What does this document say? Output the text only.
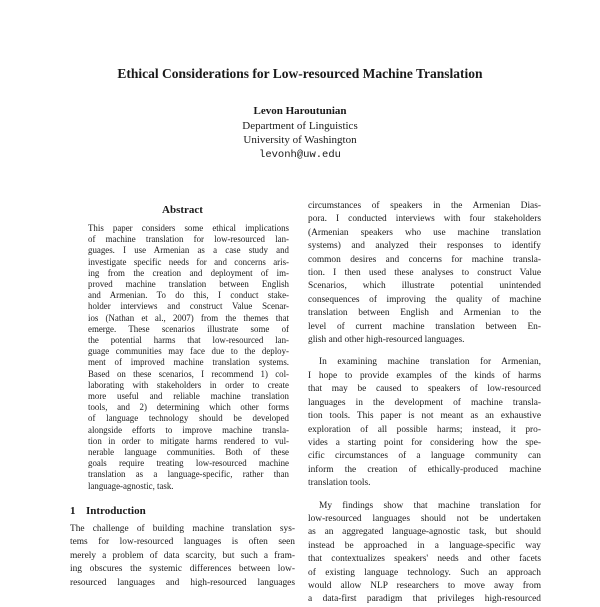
Ethical Considerations for Low-resourced Machine Translation
Levon Haroutunian
Department of Linguistics
University of Washington
levonh@uw.edu
Abstract
This paper considers some ethical implications
of machine translation for low-resourced lan-
guages. I use Armenian as a case study and
investigate specific needs for and concerns aris-
ing from the creation and deployment of im-
proved machine translation between English
and Armenian. To do this, I conduct stake-
holder interviews and construct Value Scenar-
ios (Nathan et al., 2007) from the themes that
emerge. These scenarios illustrate some of
the potential harms that low-resourced lan-
guage communities may face due to the deploy-
ment of improved machine translation systems.
Based on these scenarios, I recommend 1) col-
laborating with stakeholders in order to create
more useful and reliable machine translation
tools, and 2) determining which other forms
of language technology should be developed
alongside efforts to improve machine transla-
tion in order to mitigate harms rendered to vul-
nerable language communities. Both of these
goals require treating low-resourced machine
translation as a language-specific, rather than
language-agnostic, task.
1 Introduction
The challenge of building machine translation sys-
tems for low-resourced languages is often seen
merely a problem of data scarcity, but such a fram-
ing obscures the systemic differences between low-
resourced languages and high-resourced languages
circumstances of speakers in the Armenian Dias-
pora. I conducted interviews with four stakeholders
(Armenian speakers who use machine translation
systems) and analyzed their responses to identify
common desires and concerns for machine transla-
tion. I then used these analyses to construct Value
Scenarios, which illustrate potential unintended
consequences of improving the quality of machine
translation between English and Armenian to the
level of current machine translation between En-
glish and other high-resourced languages.
In examining machine translation for Armenian,
I hope to provide examples of the kinds of harms
that may be caused to speakers of low-resourced
languages in the development of machine transla-
tion tools. This paper is not meant as an exhaustive
exploration of all possible harms; instead, it pro-
vides a starting point for considering how the spe-
cific circumstances of a language community can
inform the creation of ethically-produced machine
translation tools.
My findings show that machine translation for
low-resourced languages should not be undertaken
as an aggregated language-agnostic task, but should
instead be approached in a language-specific way
that contextualizes speakers' needs and other facets
of existing language technology. Such an approach
would allow NLP researchers to move away from
a data-first paradigm that privileges high-resourced
